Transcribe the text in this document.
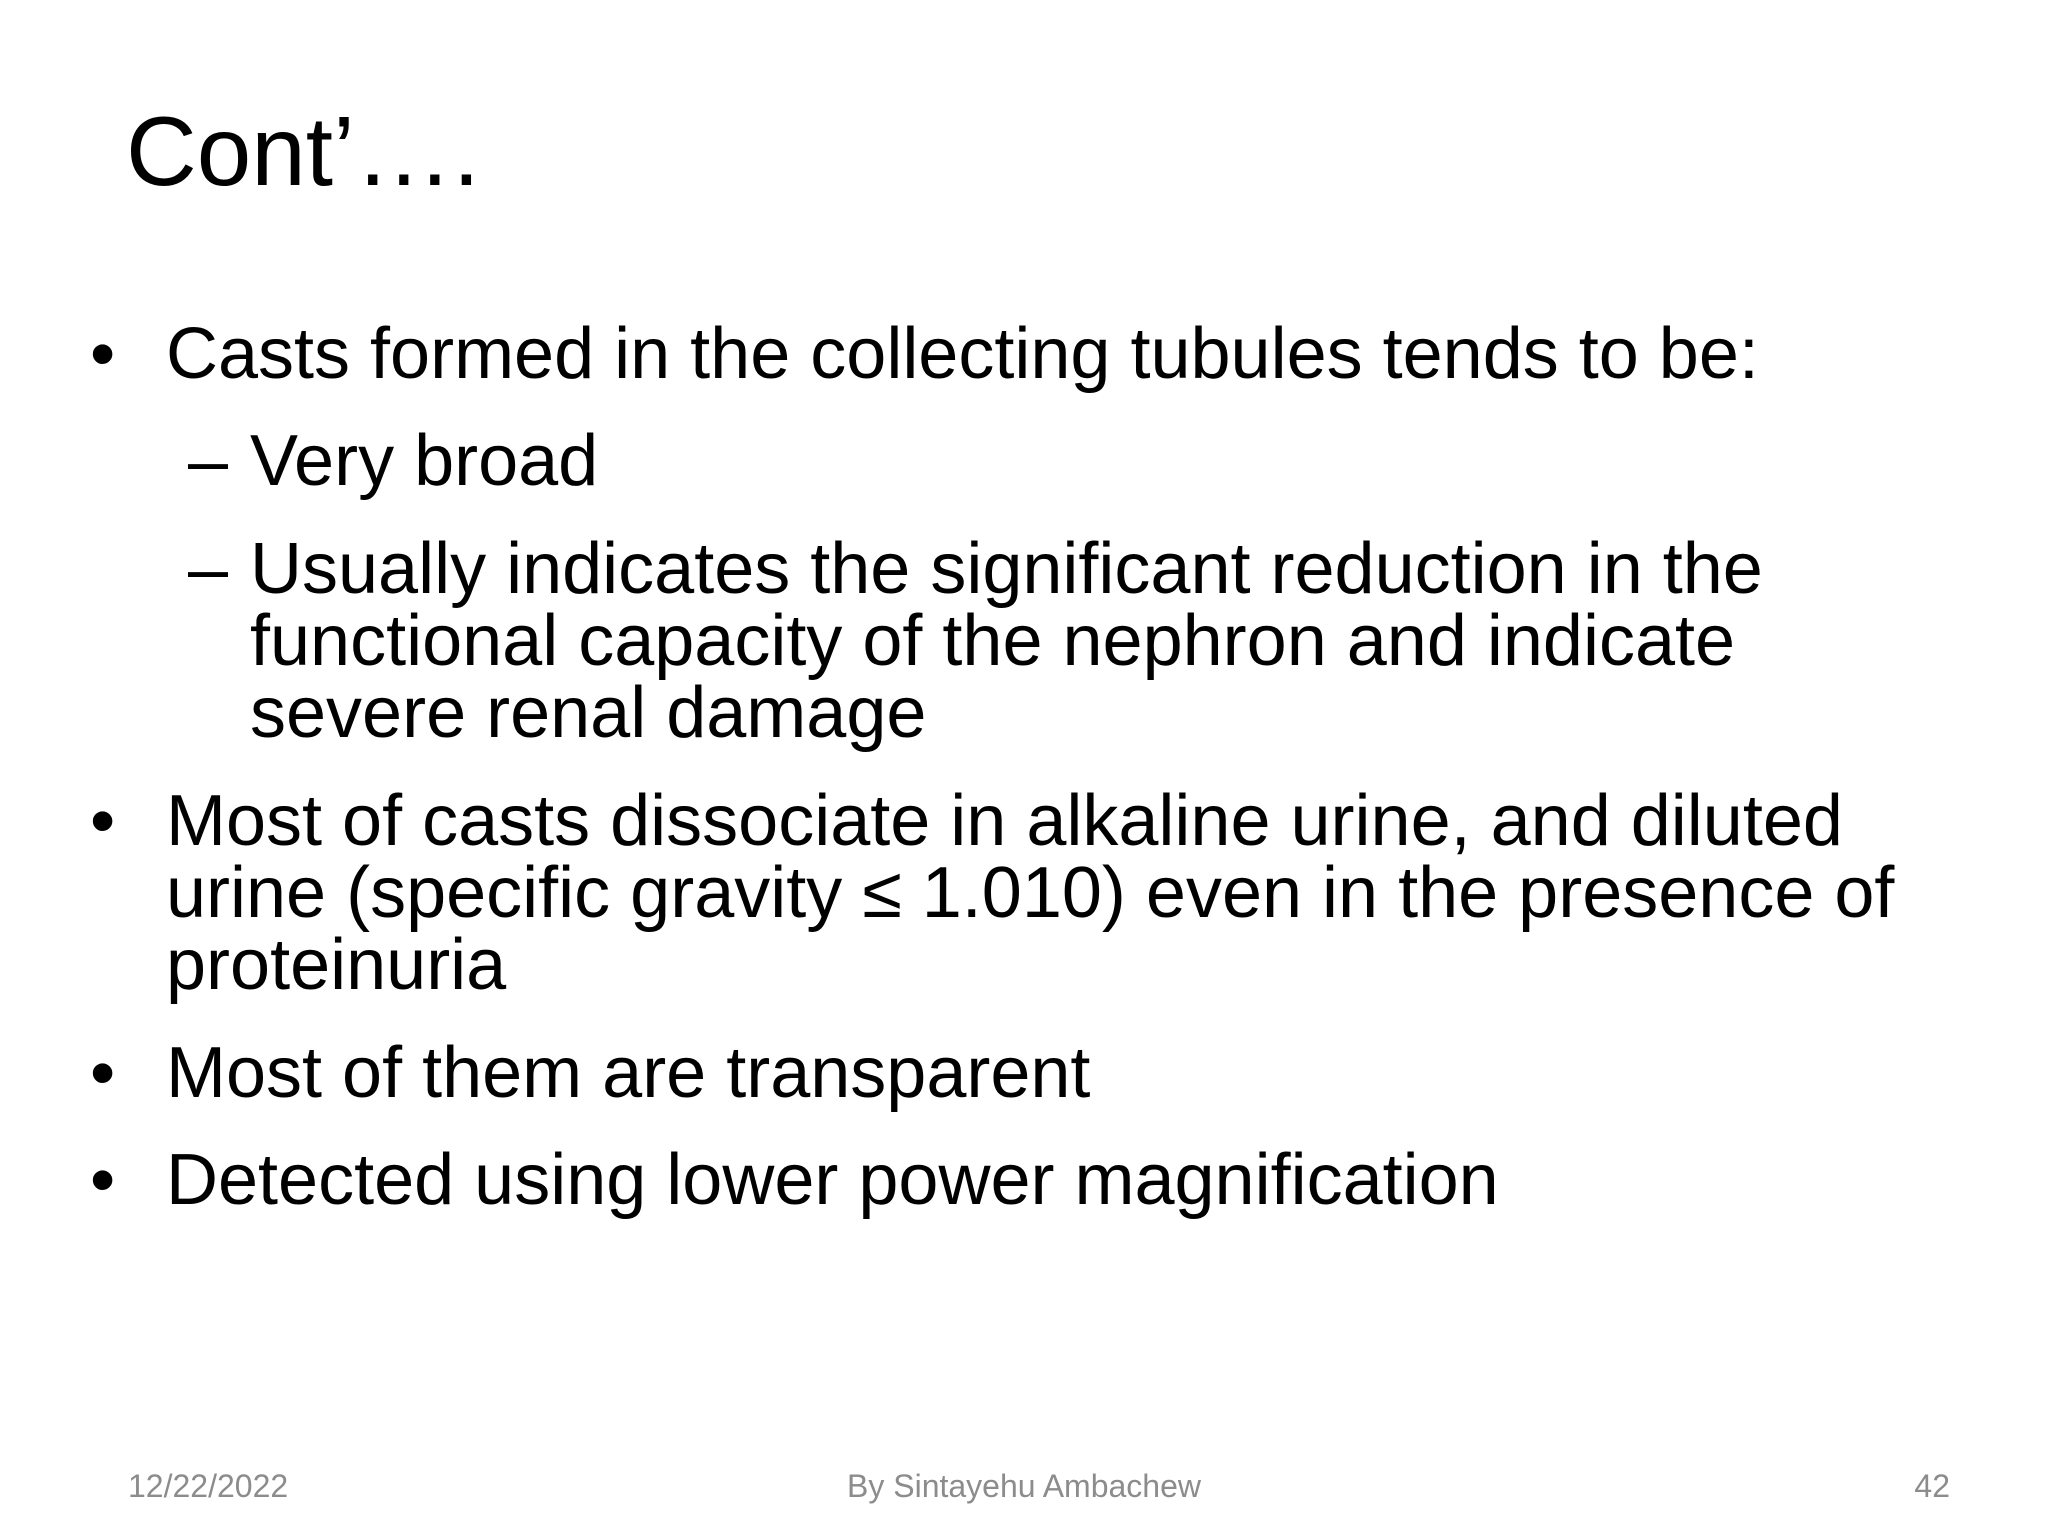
Cont’….
• Casts formed in the collecting tubules tends to be:
– Very broad
– Usually indicates the significant reduction in the functional capacity of the nephron and indicate severe renal damage
• Most of casts dissociate in alkaline urine, and diluted urine (specific gravity ≤ 1.010) even in the presence of proteinuria
• Most of them are transparent
• Detected using lower power magnification
By Sintayehu Ambachew
12/22/2022	42
